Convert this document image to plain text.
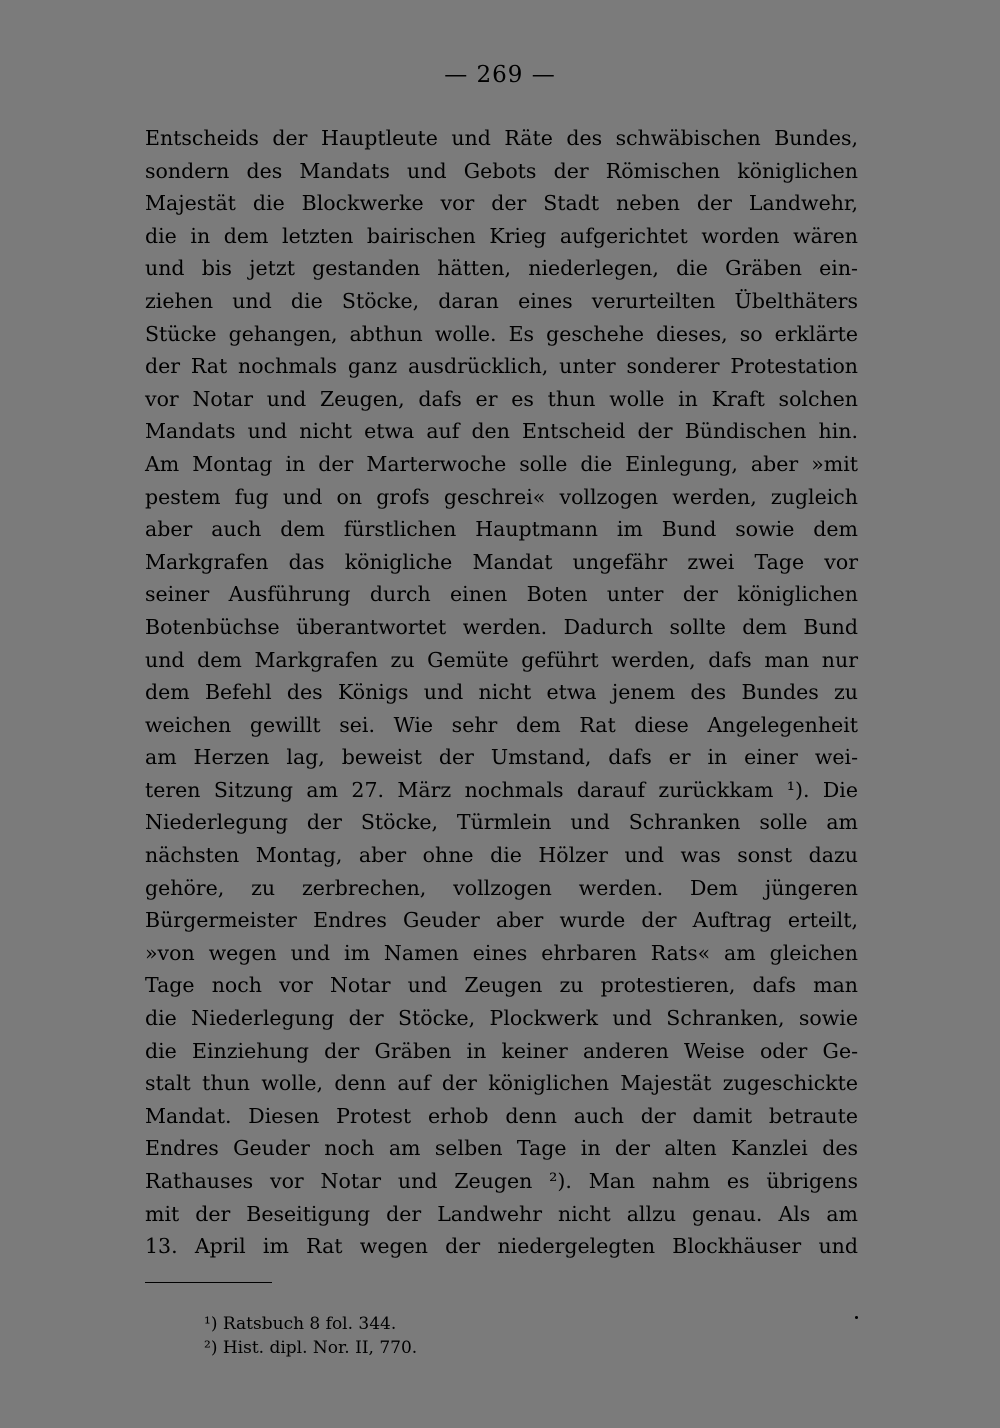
— 269 —
Entscheids der Hauptleute und Räte des schwäbischen Bundes,
sondern des Mandats und Gebots der Römischen königlichen
Majestät die Blockwerke vor der Stadt neben der Landwehr,
die in dem letzten bairischen Krieg aufgerichtet worden wären
und bis jetzt gestanden hätten, niederlegen, die Gräben ein-
ziehen und die Stöcke, daran eines verurteilten Übelthäters
Stücke gehangen, abthun wolle. Es geschehe dieses, so erklärte
der Rat nochmals ganz ausdrücklich, unter sonderer Protestation
vor Notar und Zeugen, dafs er es thun wolle in Kraft solchen
Mandats und nicht etwa auf den Entscheid der Bündischen hin.
Am Montag in der Marterwoche solle die Einlegung, aber »mit
pestem fug und on grofs geschrei« vollzogen werden, zugleich
aber auch dem fürstlichen Hauptmann im Bund sowie dem
Markgrafen das königliche Mandat ungefähr zwei Tage vor
seiner Ausführung durch einen Boten unter der königlichen
Botenbüchse überantwortet werden. Dadurch sollte dem Bund
und dem Markgrafen zu Gemüte geführt werden, dafs man nur
dem Befehl des Königs und nicht etwa jenem des Bundes zu
weichen gewillt sei. Wie sehr dem Rat diese Angelegenheit
am Herzen lag, beweist der Umstand, dafs er in einer wei-
teren Sitzung am 27. März nochmals darauf zurückkam ¹). Die
Niederlegung der Stöcke, Türmlein und Schranken solle am
nächsten Montag, aber ohne die Hölzer und was sonst dazu
gehöre, zu zerbrechen, vollzogen werden. Dem jüngeren
Bürgermeister Endres Geuder aber wurde der Auftrag erteilt,
»von wegen und im Namen eines ehrbaren Rats« am gleichen
Tage noch vor Notar und Zeugen zu protestieren, dafs man
die Niederlegung der Stöcke, Plockwerk und Schranken, sowie
die Einziehung der Gräben in keiner anderen Weise oder Ge-
stalt thun wolle, denn auf der königlichen Majestät zugeschickte
Mandat. Diesen Protest erhob denn auch der damit betraute
Endres Geuder noch am selben Tage in der alten Kanzlei des
Rathauses vor Notar und Zeugen ²). Man nahm es übrigens
mit der Beseitigung der Landwehr nicht allzu genau. Als am
13. April im Rat wegen der niedergelegten Blockhäuser und
¹) Ratsbuch 8 fol. 344.
²) Hist. dipl. Nor. II, 770.
